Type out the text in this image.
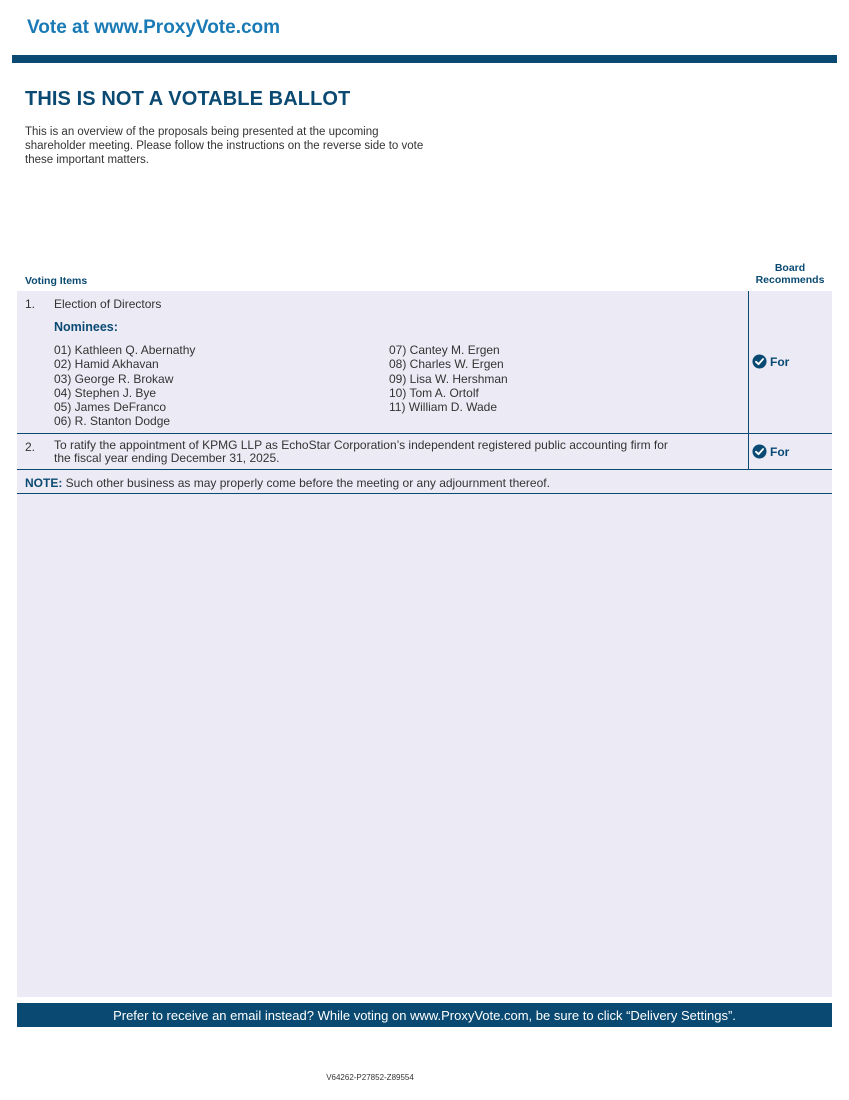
Vote at www.ProxyVote.com
THIS IS NOT A VOTABLE BALLOT
This is an overview of the proposals being presented at the upcoming shareholder meeting. Please follow the instructions on the reverse side to vote these important matters.
Voting Items
Board
Recommends
1. Election of Directors
Nominees:
01) Kathleen Q. Abernathy
02) Hamid Akhavan
03) George R. Brokaw
04) Stephen J. Bye
05) James DeFranco
06) R. Stanton Dodge
07) Cantey M. Ergen
08) Charles W. Ergen
09) Lisa W. Hershman
10) Tom A. Ortolf
11) William D. Wade
For
2. To ratify the appointment of KPMG LLP as EchoStar Corporation’s independent registered public accounting firm for
the fiscal year ending December 31, 2025.	For
NOTE: Such other business as may properly come before the meeting or any adjournment thereof.
Prefer to receive an email instead? While voting on www.ProxyVote.com, be sure to click “Delivery Settings”.
V64262-P27852-Z89554
